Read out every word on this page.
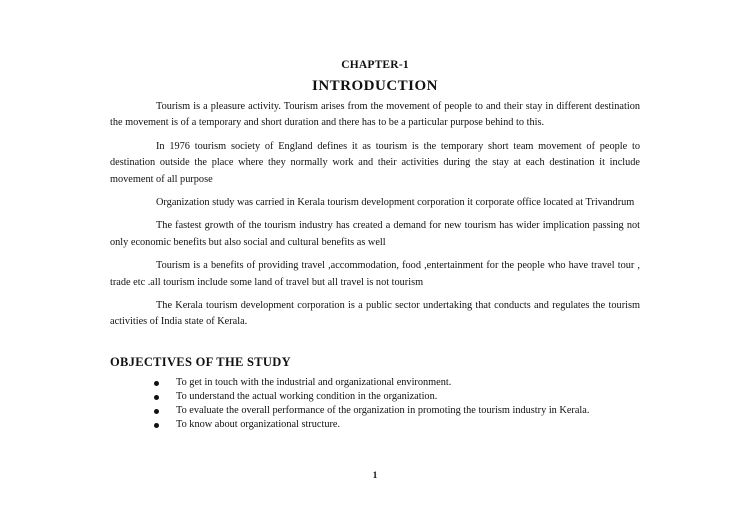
CHAPTER-1
INTRODUCTION

Tourism is a pleasure activity. Tourism arises from the movement of people to and their stay in different destination the movement is of a temporary and short duration and there has to be a particular purpose behind to this.

In 1976 tourism society of England defines it as tourism is the temporary short team movement of people to destination outside the place where they normally work and their activities during the stay at each destination it include movement of all purpose

Organization study was carried in Kerala tourism development corporation it corporate office located at Trivandrum

The fastest growth of the tourism industry has created a demand for new tourism has wider implication passing not only economic benefits but also social and cultural benefits as well

Tourism is a benefits of providing travel ,accommodation, food ,entertainment for the people who have travel tour , trade etc .all tourism include some land of travel but all travel is not tourism

The Kerala tourism development corporation is a public sector undertaking that conducts and regulates the tourism activities of India state of Kerala.

OBJECTIVES OF THE STUDY
To get in touch with the industrial and organizational environment.
To understand the actual working condition in the organization.
To evaluate the overall performance of the organization in promoting the tourism industry in Kerala.
To know about organizational structure.
1
